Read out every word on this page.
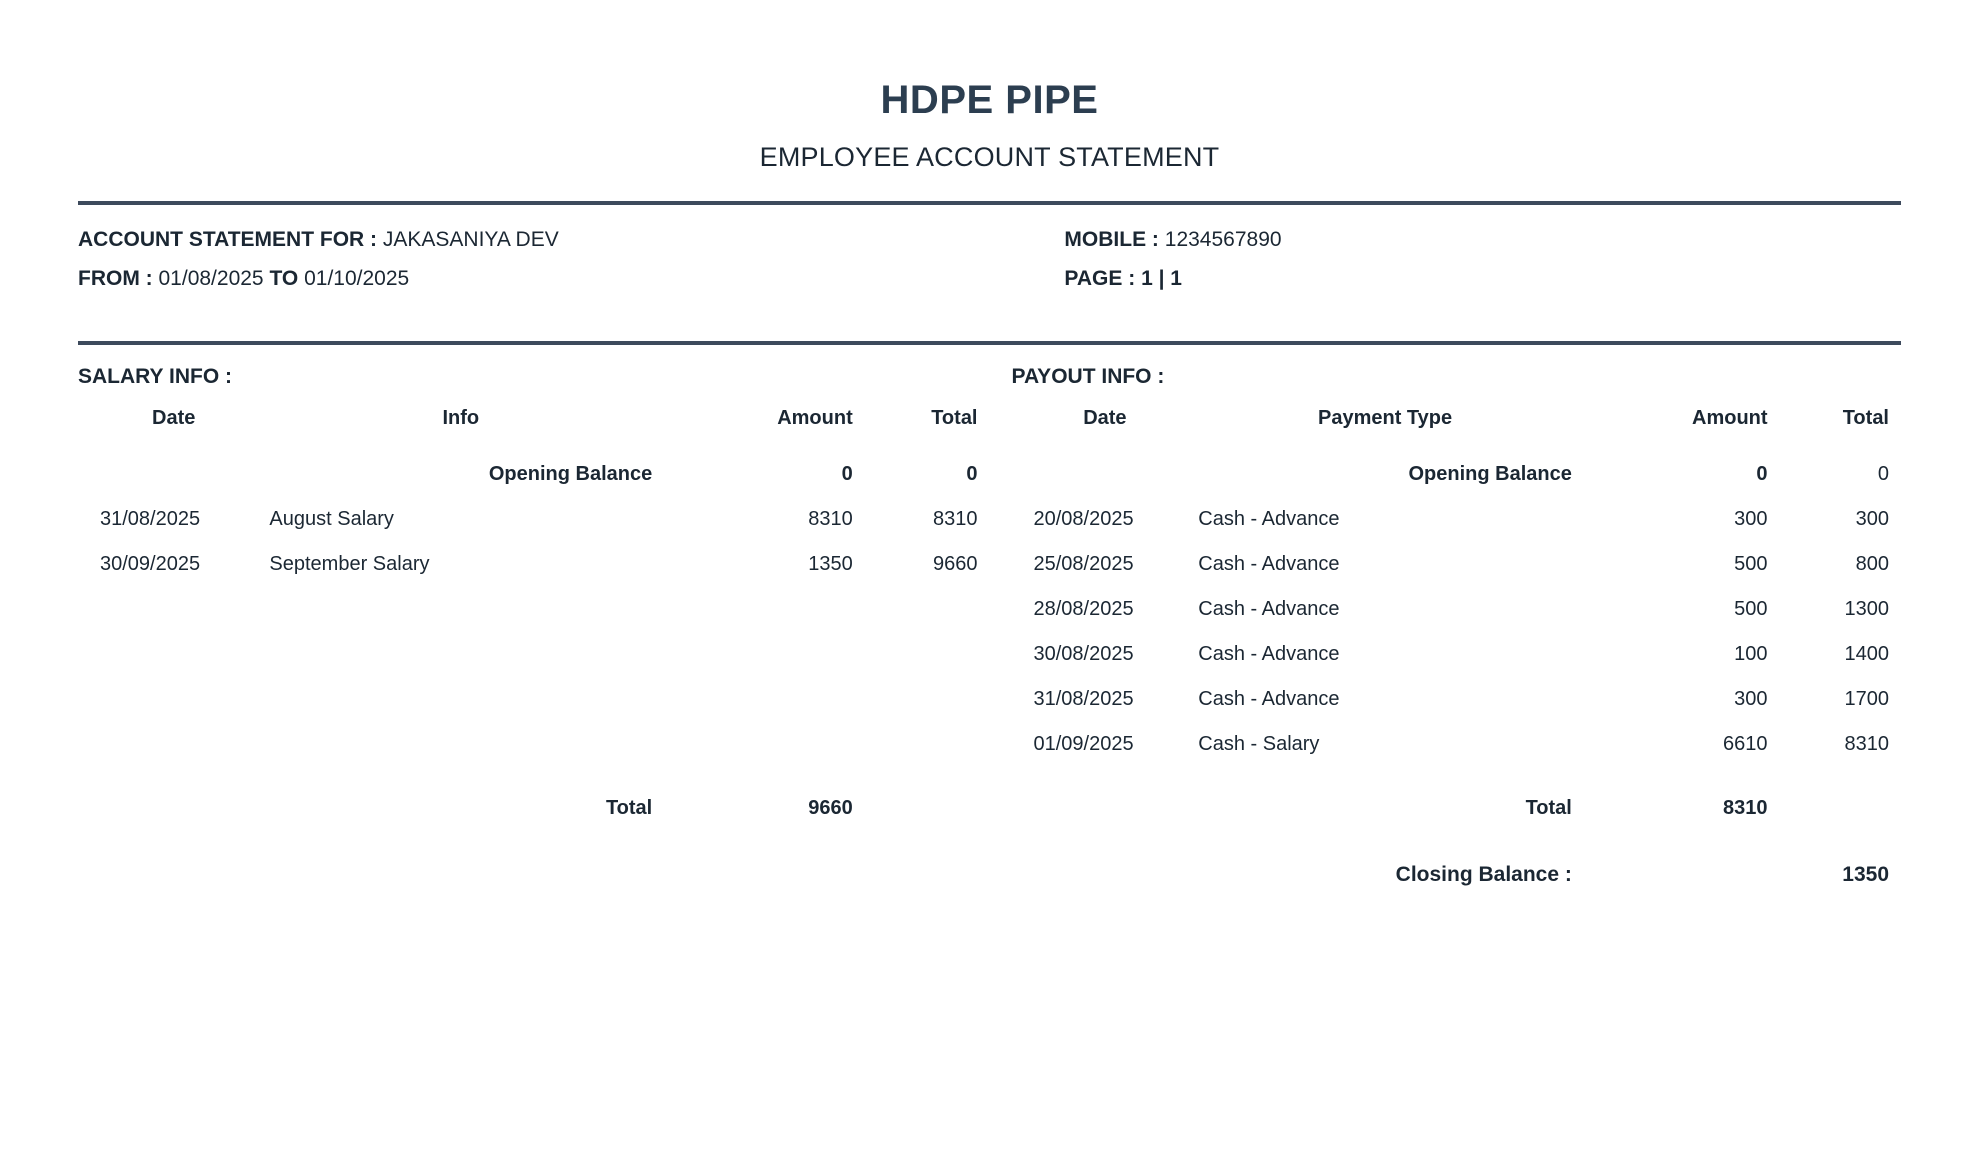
HDPE PIPE
EMPLOYEE ACCOUNT STATEMENT
ACCOUNT STATEMENT FOR : JAKASANIYA DEV
FROM : 01/08/2025 TO 01/10/2025
MOBILE : 1234567890
PAGE : 1 | 1
SALARY INFO :	PAYOUT INFO :
Date	Info	Amount	Total
	Opening Balance	0	0
31/08/2025	August Salary	8310	8310
30/09/2025	September Salary	1350	9660

	Total	9660	
Date	Payment Type	Amount	Total
	Opening Balance	0	0
20/08/2025	Cash - Advance	300	300
25/08/2025	Cash - Advance	500	800
28/08/2025	Cash - Advance	500	1300
30/08/2025	Cash - Advance	100	1400
31/08/2025	Cash - Advance	300	1700
01/09/2025	Cash - Salary	6610	8310
	Total	8310	
	Closing Balance :		1350
